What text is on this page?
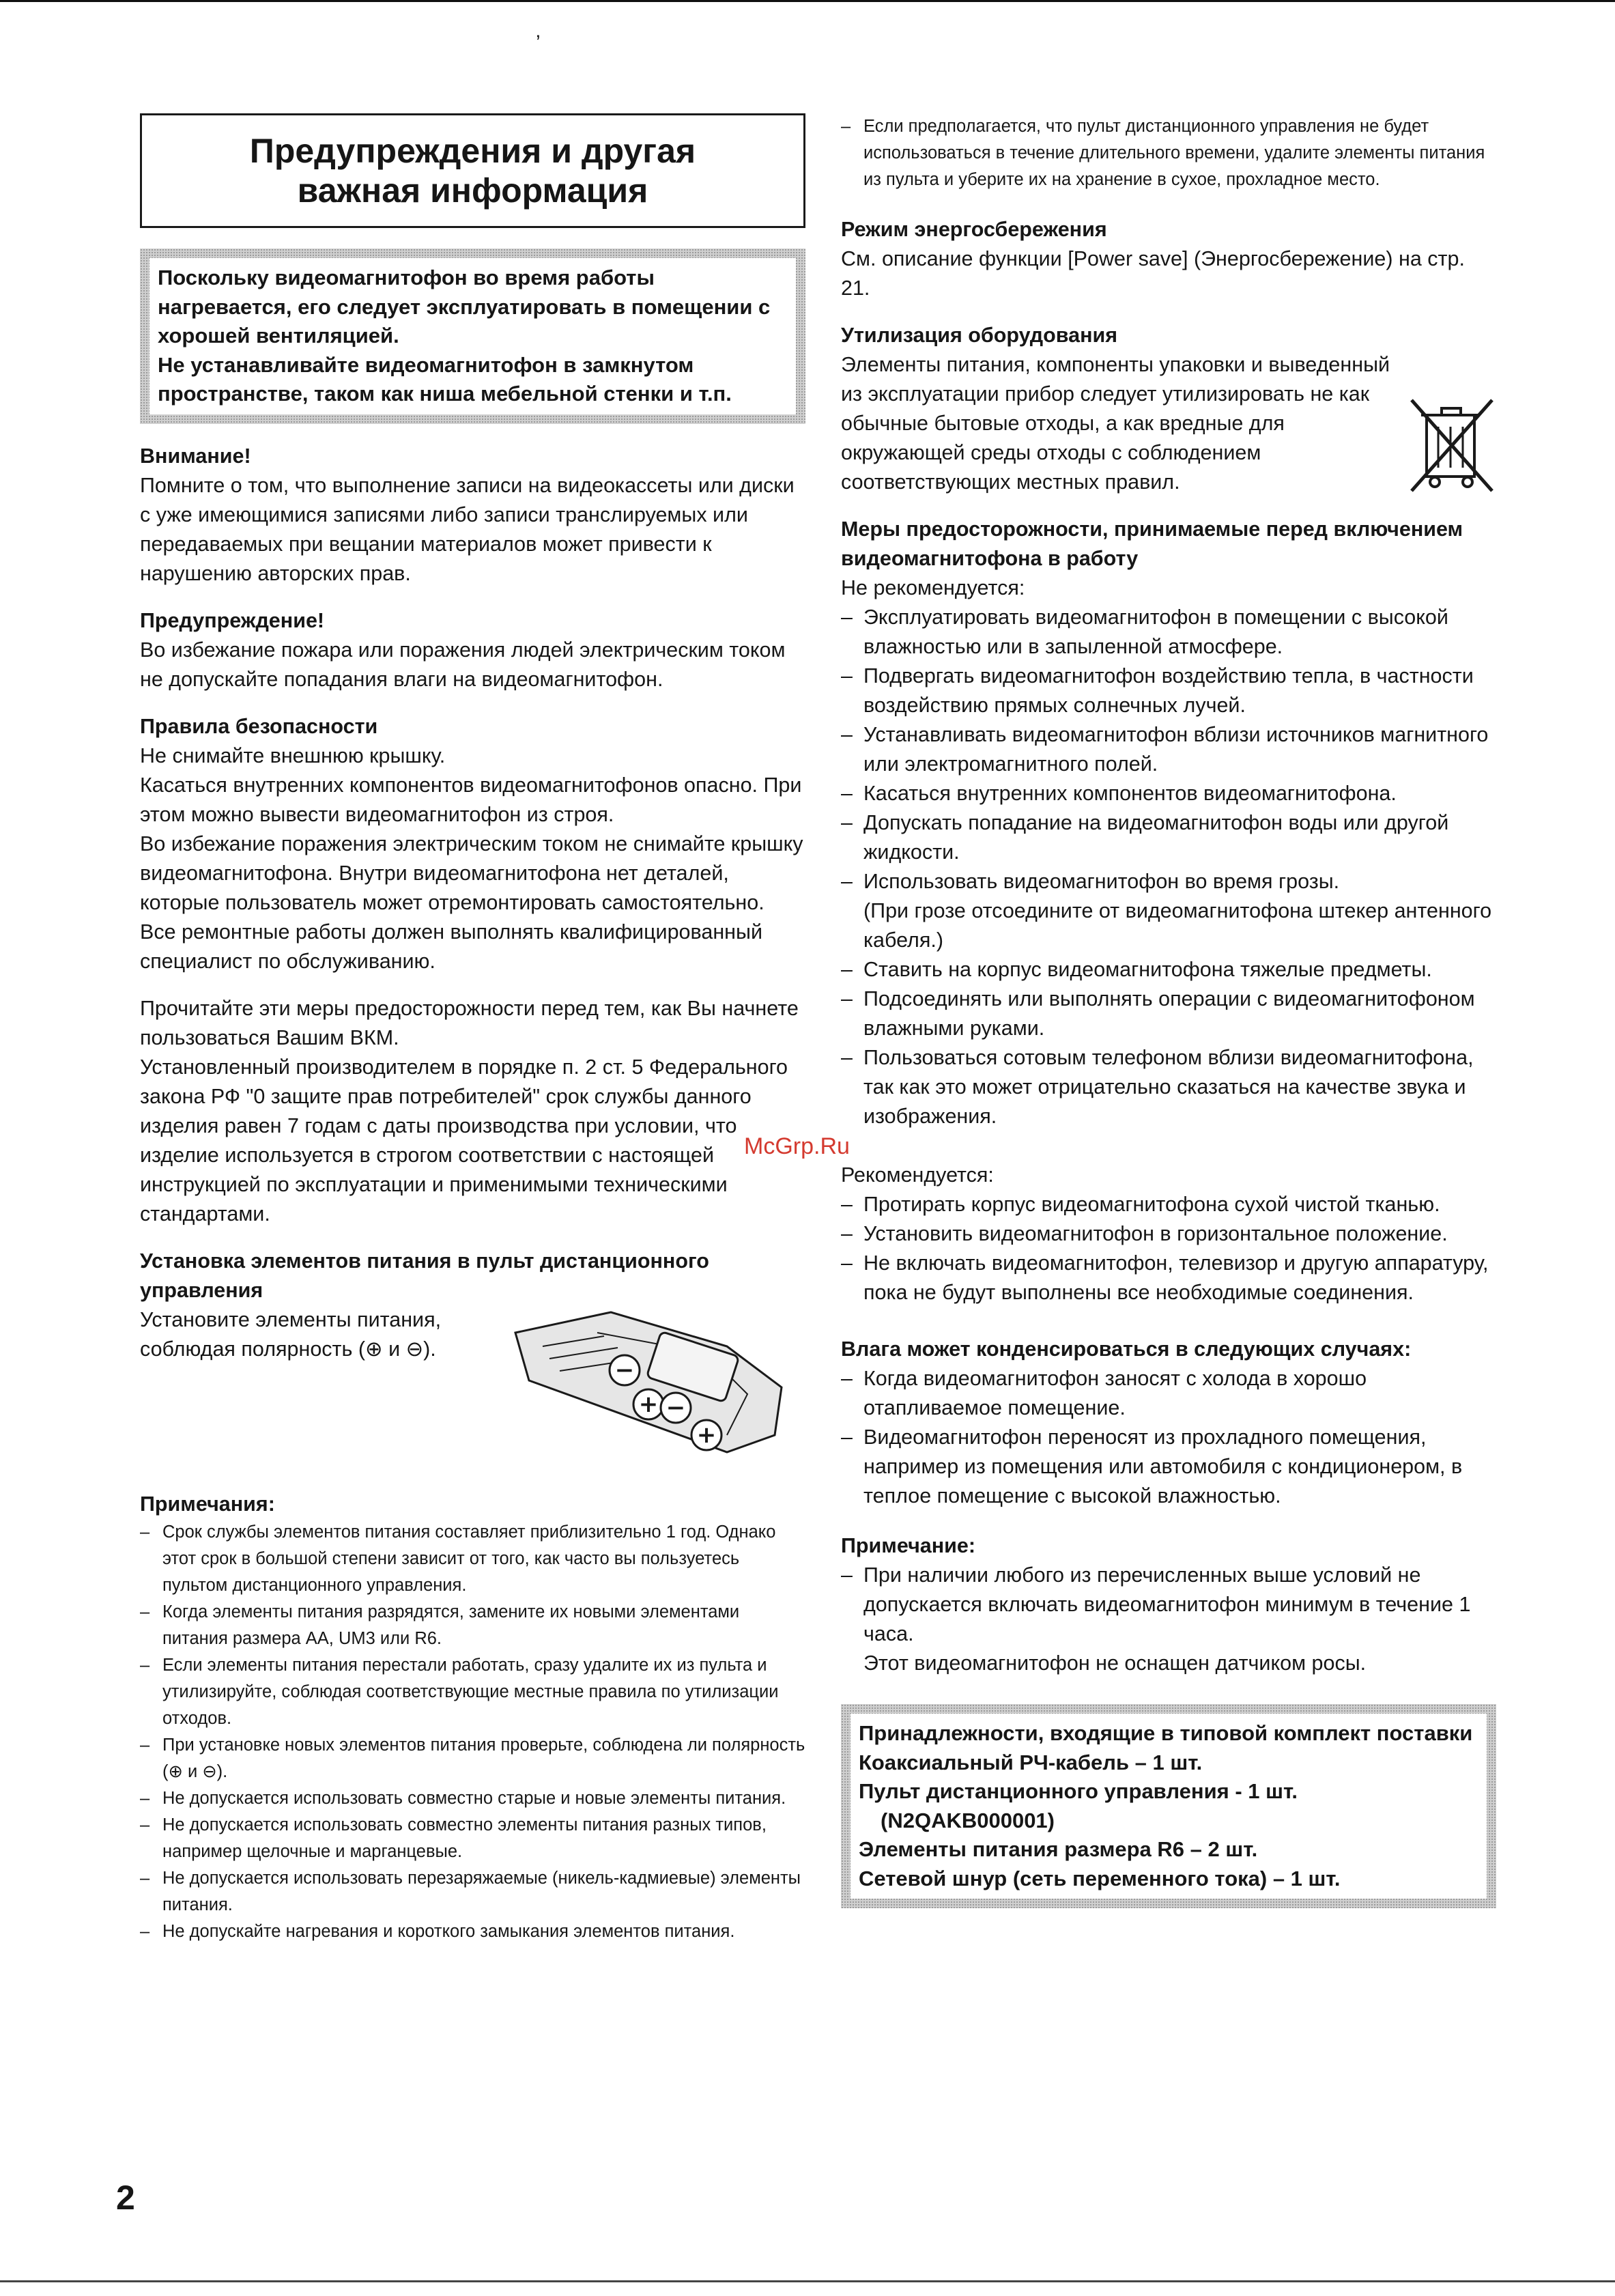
’
Предупреждения и другая
важная информация

Поскольку видеомагнитофон во время работы нагревается, его следует эксплуатировать в помещении с хорошей вентиляцией.

Не устанавливайте видеомагнитофон в замкнутом пространстве, таком как ниша мебельной стенки и т.п.

Внимание!

Помните о том, что выполнение записи на видеокассеты или диски с уже имеющимися записями либо записи транслируемых или передаваемых при вещании материалов может привести к нарушению авторских прав.

Предупреждение!

Во избежание пожара или поражения людей электрическим током не допускайте попадания влаги на видеомагнитофон.

Правила безопасности

Не снимайте внешнюю крышку.

Касаться внутренних компонентов видеомагнитофонов опасно. При этом можно вывести видеомагнитофон из строя.

Во избежание поражения электрическим током не снимайте крышку видеомагнитофона. Внутри видеомагнитофона нет деталей, которые пользователь может отремонтировать самостоятельно. Все ремонтные работы должен выполнять квалифицированный специалист по обслуживанию.

Прочитайте эти меры предосторожности перед тем, как Вы начнете пользоваться Вашим ВКМ.

Установленный производителем в порядке п. 2 ст. 5 Федерального закона РФ "0 защите прав потребителей" срок службы данного изделия равен 7 годам с даты производства при условии, что изделие используется в строгом соответствии с настоящей инструкцией по эксплуатации и применимыми техническими стандартами.

Установка элементов питания в пульт дистанционного управления

Установите элементы питания, соблюдая полярность (⊕ и ⊖).

−
+ −
+

Примечания:

– Срок службы элементов питания составляет приблизительно 1 год. Однако этот срок в большой степени зависит от того, как часто вы пользуетесь пультом дистанционного управления.
– Когда элементы питания разрядятся, замените их новыми элементами питания размера АА, UM3 или R6.
– Если элементы питания перестали работать, сразу удалите их из пульта и утилизируйте, соблюдая соответствующие местные правила по утилизации отходов.
– При установке новых элементов питания проверьте, соблюдена ли полярность (⊕ и ⊖).
– Не допускается использовать совместно старые и новые элементы питания.
– Не допускается использовать совместно элементы питания разных типов, например щелочные и марганцевые.
– Не допускается использовать перезаряжаемые (никель-кадмиевые) элементы питания.
– Не допускайте нагревания и короткого замыкания элементов питания.
– Если предполагается, что пульт дистанционного управления не будет использоваться в течение длительного времени, удалите элементы питания из пульта и уберите их на хранение в сухое, прохладное место.

Режим энергосбережения

См. описание функции [Power save] (Энергосбережение) на стр. 21.

Утилизация оборудования

Элементы питания, компоненты упаковки и выведенный

из эксплуатации прибор следует утилизировать не как

обычные бытовые отходы, а как вредные для

окружающей среды отходы с соблюдением

соответствующих местных правил.

Меры предосторожности, принимаемые перед включением видеомагнитофона в работу

Не рекомендуется:

– Эксплуатировать видеомагнитофон в помещении с высокой влажностью или в запыленной атмосфере.
– Подвергать видеомагнитофон воздействию тепла, в частности воздействию прямых солнечных лучей.
– Устанавливать видеомагнитофон вблизи источников магнитного или электромагнитного полей.
– Касаться внутренних компонентов видеомагнитофона.
– Допускать попадание на видеомагнитофон воды или другой жидкости.
– Использовать видеомагнитофон во время грозы.

(При грозе отсоедините от видеомагнитофона штекер антенного кабеля.)

– Ставить на корпус видеомагнитофона тяжелые предметы.
– Подсоединять или выполнять операции с видеомагнитофоном влажными руками.
– Пользоваться сотовым телефоном вблизи видеомагнитофона, так как это может отрицательно сказаться на качестве звука и изображения.

Рекомендуется:

– Протирать корпус видеомагнитофона сухой чистой тканью.
– Установить видеомагнитофон в горизонтальное положение.
– Не включать видеомагнитофон, телевизор и другую аппаратуру, пока не будут выполнены все необходимые соединения.

Влага может конденсироваться в следующих случаях:

– Когда видеомагнитофон заносят с холода в хорошо отапливаемое помещение.
– Видеомагнитофон переносят из прохладного помещения, например из помещения или автомобиля с кондиционером, в теплое помещение с высокой влажностью.

Примечание:

– При наличии любого из перечисленных выше условий не допускается включать видеомагнитофон минимум в течение 1 часа.

Этот видеомагнитофон не оснащен датчиком росы.

Принадлежности, входящие в типовой комплект поставки

Коаксиальный РЧ-кабель – 1 шт.

Пульт дистанционного управления - 1 шт.

(N2QAKB000001)

Элементы питания размера R6 – 2 шт.

Сетевой шнур (сеть переменного тока) – 1 шт.

McGrp.Ru
2
